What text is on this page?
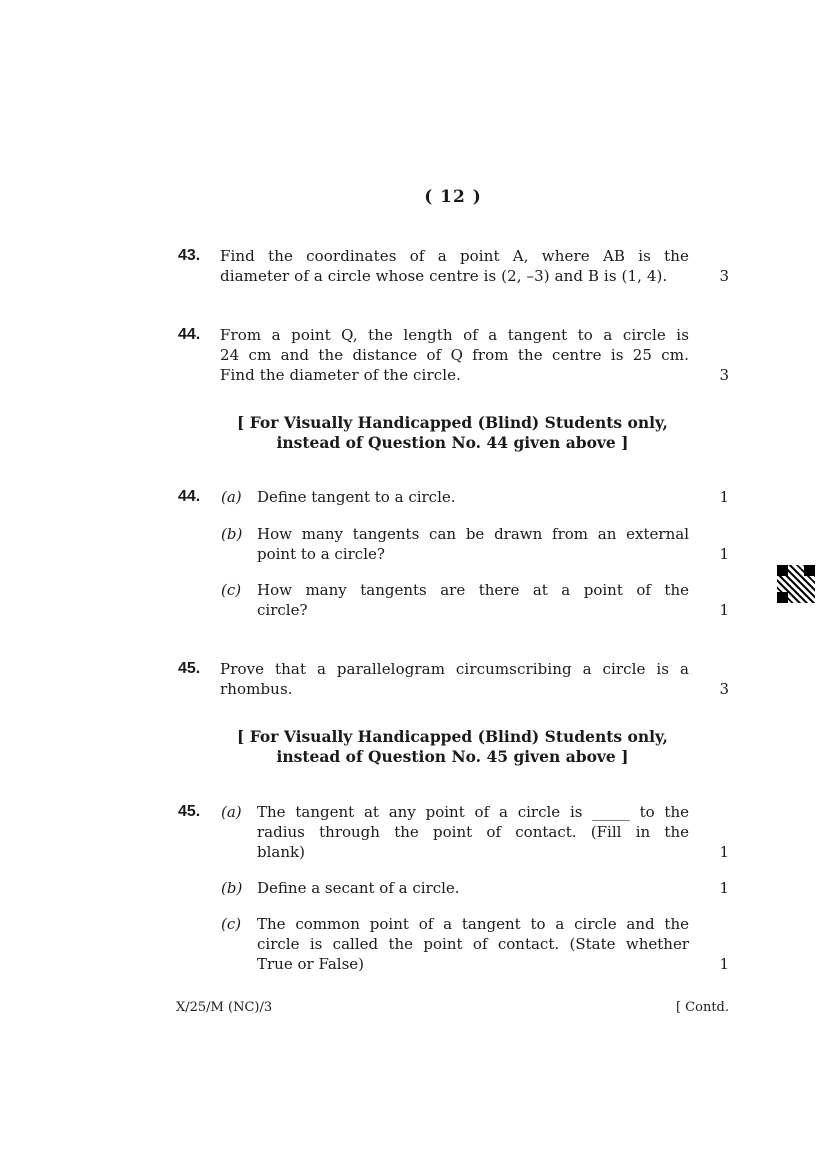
( 12 )
43. Find the coordinates of a point A, where AB is the
diameter of a circle whose centre is (2, –3) and B is (1, 4).	3
44. From a point Q, the length of a tangent to a circle is
24 cm and the distance of Q from the centre is 25 cm.
Find the diameter of the circle.	3
[ For Visually Handicapped (Blind) Students only,
instead of Question No. 44 given above ]
44. (a) Define tangent to a circle.	1
(b) How many tangents can be drawn from an external
point to a circle?	1
(c) How many tangents are there at a point of the
circle?	1
45. Prove that a parallelogram circumscribing a circle is a
rhombus.	3
[ For Visually Handicapped (Blind) Students only,
instead of Question No. 45 given above ]
45. (a) The tangent at any point of a circle is _____ to the
radius through the point of contact. (Fill in the
blank)	1
(b) Define a secant of a circle.	1
(c) The common point of a tangent to a circle and the
circle is called the point of contact. (State whether
True or False)	1
X/25/M (NC)/3	[ Contd.
